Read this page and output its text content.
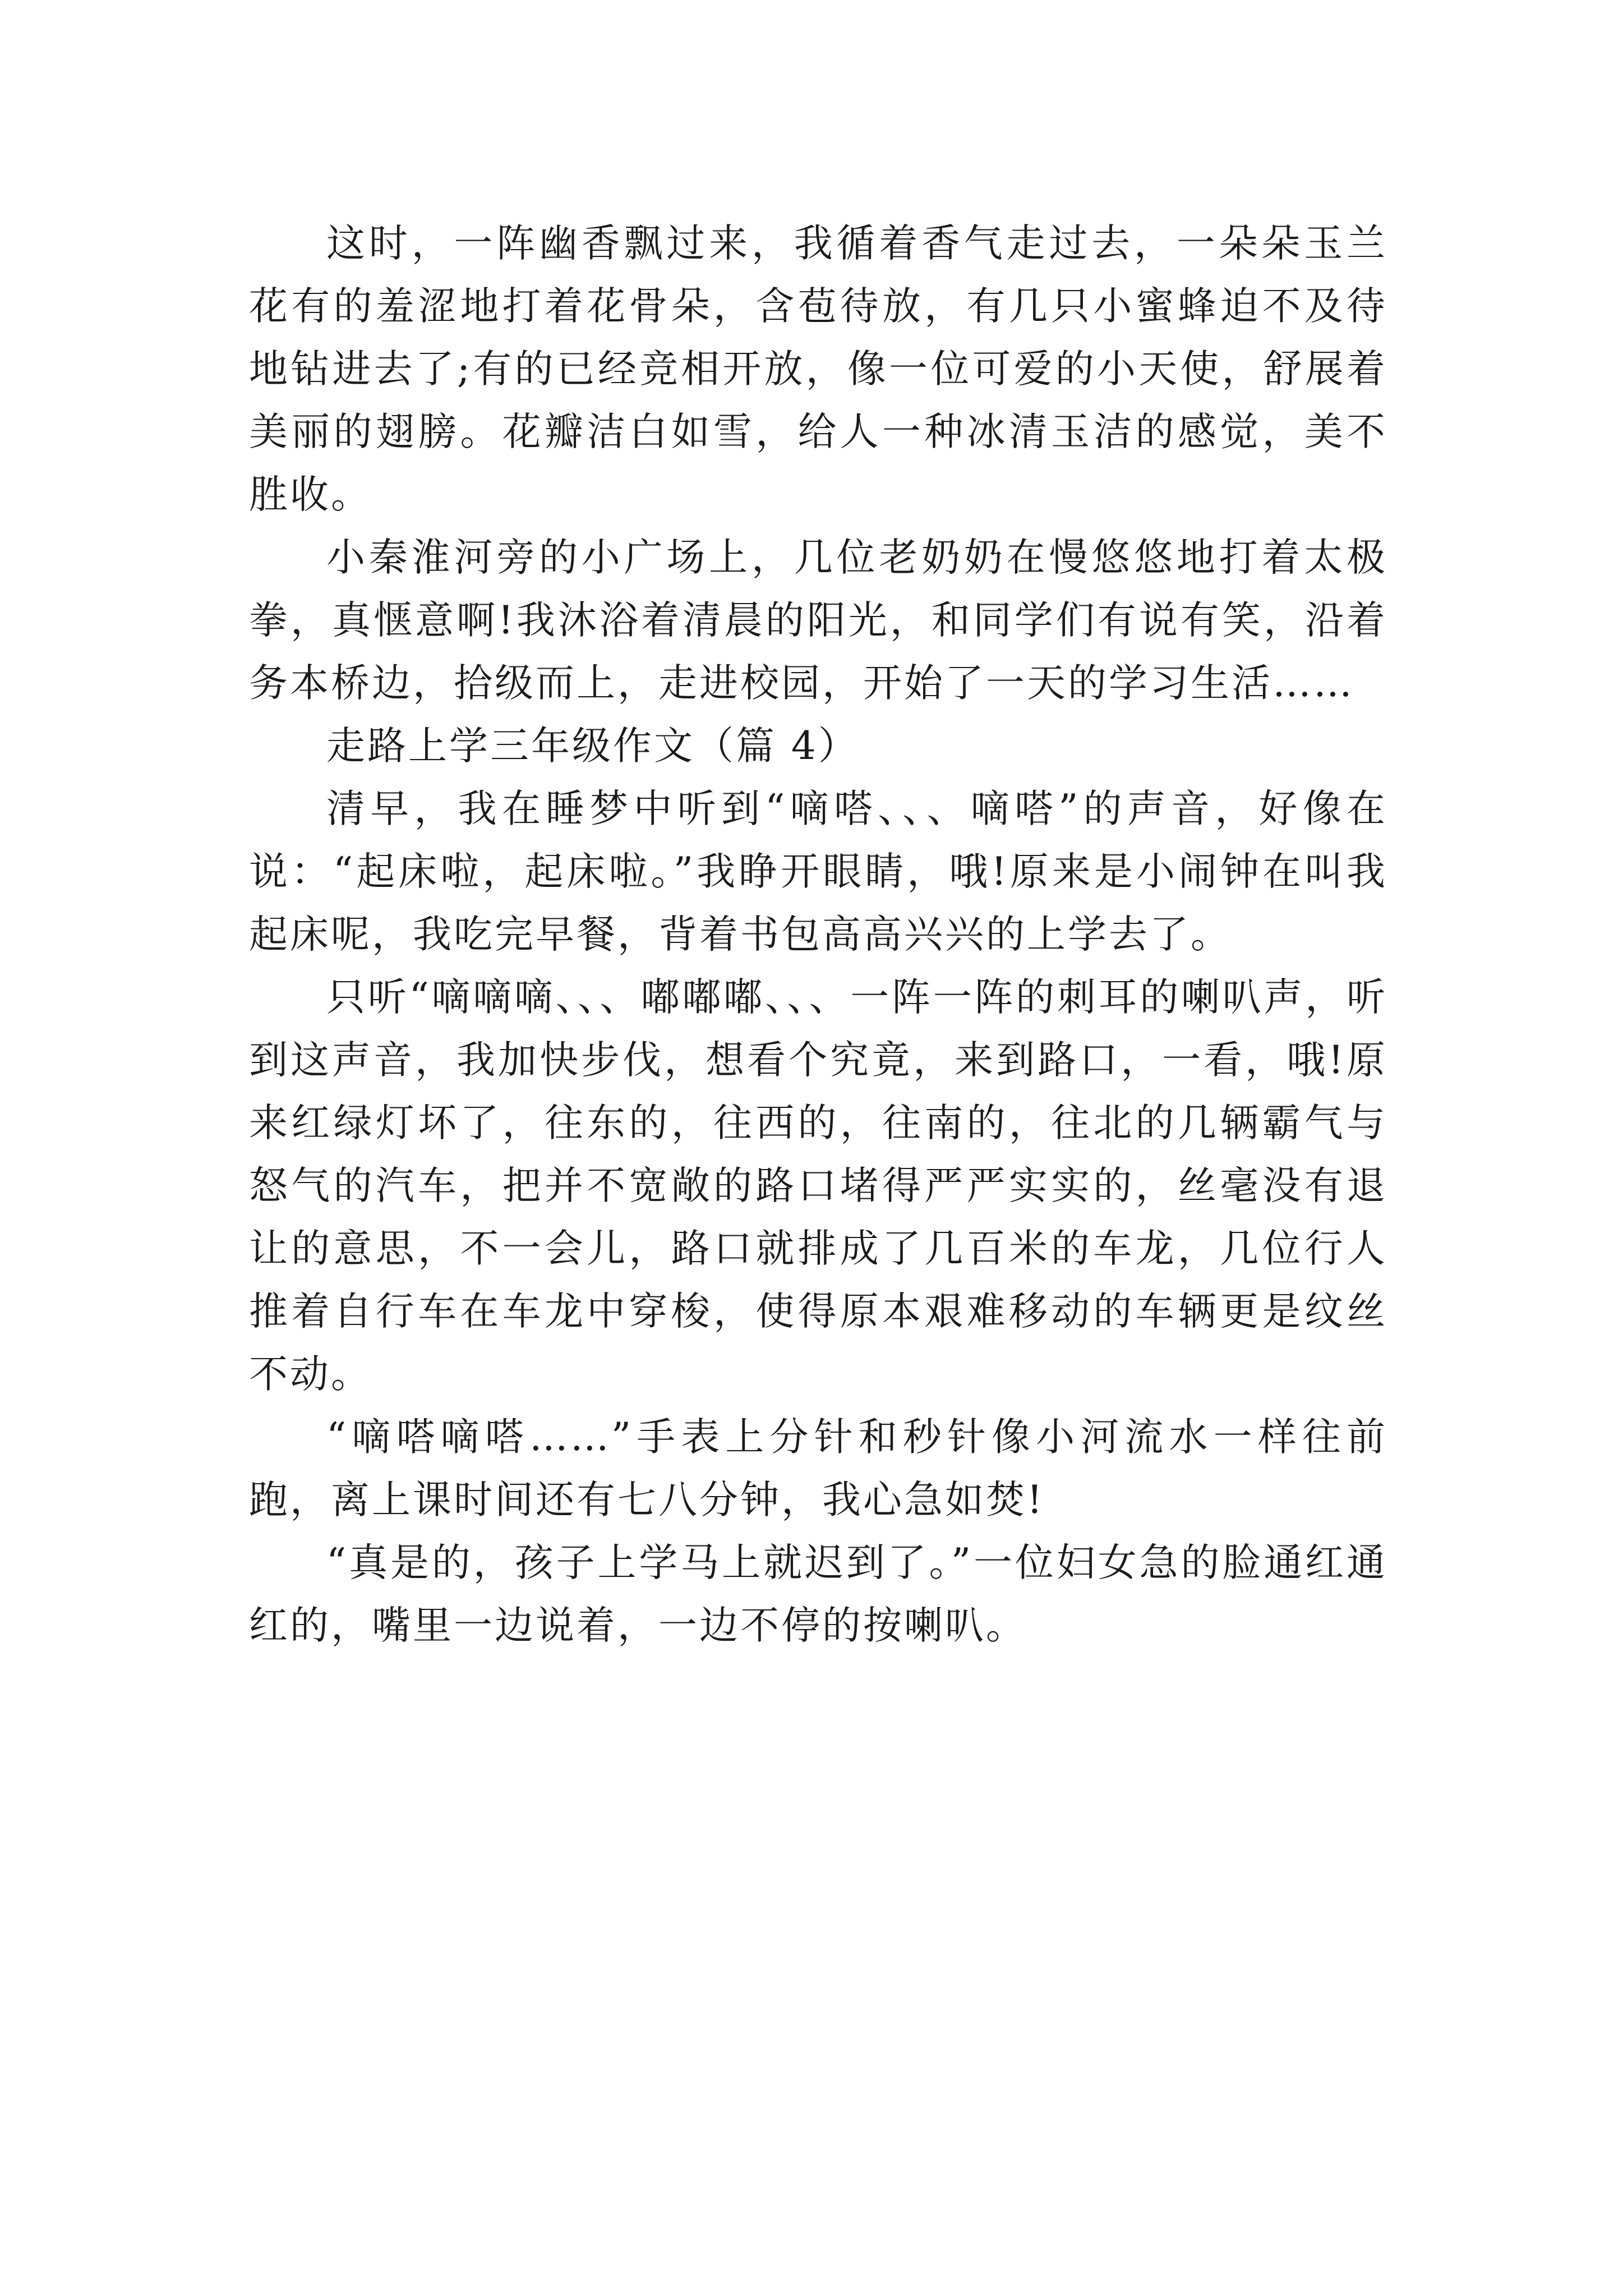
这时，一阵幽香飘过来，我循着香气走过去，一朵朵玉兰花有的羞涩地打着花骨朵，含苞待放，有几只小蜜蜂迫不及待地钻进去了;有的已经竞相开放，像一位可爱的小天使，舒展着美丽的翅膀。花瓣洁白如雪，给人一种冰清玉洁的感觉，美不胜收。

小秦淮河旁的小广场上，几位老奶奶在慢悠悠地打着太极拳，真惬意啊!我沐浴着清晨的阳光，和同学们有说有笑，沿着务本桥边，拾级而上，走进校园，开始了一天的学习生活……

走路上学三年级作文（篇 4）

清早，我在睡梦中听到“嘀嗒、、、嘀嗒”的声音，好像在说：“起床啦，起床啦。”我睁开眼睛，哦!原来是小闹钟在叫我起床呢，我吃完早餐，背着书包高高兴兴的上学去了。

只听“嘀嘀嘀、、、嘟嘟嘟、、、一阵一阵的刺耳的喇叭声，听到这声音，我加快步伐，想看个究竟，来到路口，一看，哦!原来红绿灯坏了，往东的，往西的，往南的，往北的几辆霸气与怒气的汽车，把并不宽敞的路口堵得严严实实的，丝毫没有退让的意思，不一会儿，路口就排成了几百米的车龙，几位行人推着自行车在车龙中穿梭，使得原本艰难移动的车辆更是纹丝不动。

“嘀嗒嘀嗒……”手表上分针和秒针像小河流水一样往前跑，离上课时间还有七八分钟，我心急如焚!

“真是的，孩子上学马上就迟到了。”一位妇女急的脸通红通红的，嘴里一边说着，一边不停的按喇叭。
